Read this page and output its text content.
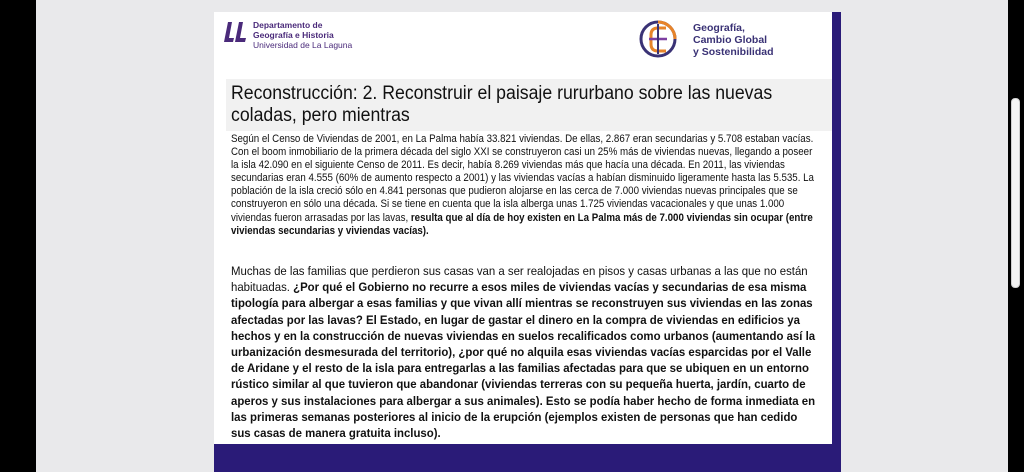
Departamento de
Geografía e Historia
Universidad de La Laguna
Geografía,
Cambio Global
y Sostenibilidad
Reconstrucción: 2. Reconstruir el paisaje rururbano sobre las nuevas coladas, pero mientras

Según el Censo de Viviendas de 2001, en La Palma había 33.821 viviendas. De ellas, 2.867 eran secundarias y 5.708 estaban vacías. Con el boom inmobiliario de la primera década del siglo XXI se construyeron casi un 25% más de viviendas nuevas, llegando a poseer la isla 42.090 en el siguiente Censo de 2011. Es decir, había 8.269 viviendas más que hacía una década. En 2011, las viviendas secundarias eran 4.555 (60% de aumento respecto a 2001) y las viviendas vacías a habían disminuido ligeramente hasta las 5.535. La población de la isla creció sólo en 4.841 personas que pudieron alojarse en las cerca de 7.000 viviendas nuevas principales que se construyeron en sólo una década. Si se tiene en cuenta que la isla alberga unas 1.725 viviendas vacacionales y que unas 1.000 viviendas fueron arrasadas por las lavas, resulta que al día de hoy existen en La Palma más de 7.000 viviendas sin ocupar (entre viviendas secundarias y viviendas vacías).

Muchas de las familias que perdieron sus casas van a ser realojadas en pisos y casas urbanas a las que no están habituadas. ¿Por qué el Gobierno no recurre a esos miles de viviendas vacías y secundarias de esa misma tipología para albergar a esas familias y que vivan allí mientras se reconstruyen sus viviendas en las zonas afectadas por las lavas? El Estado, en lugar de gastar el dinero en la compra de viviendas en edificios ya hechos y en la construcción de nuevas viviendas en suelos recalificados como urbanos (aumentando así la urbanización desmesurada del territorio), ¿por qué no alquila esas viviendas vacías esparcidas por el Valle de Aridane y el resto de la isla para entregarlas a las familias afectadas para que se ubiquen en un entorno rústico similar al que tuvieron que abandonar (viviendas terreras con su pequeña huerta, jardín, cuarto de aperos y sus instalaciones para albergar a sus animales). Esto se podía haber hecho de forma inmediata en las primeras semanas posteriores al inicio de la erupción (ejemplos existen de personas que han cedido sus casas de manera gratuita incluso).
